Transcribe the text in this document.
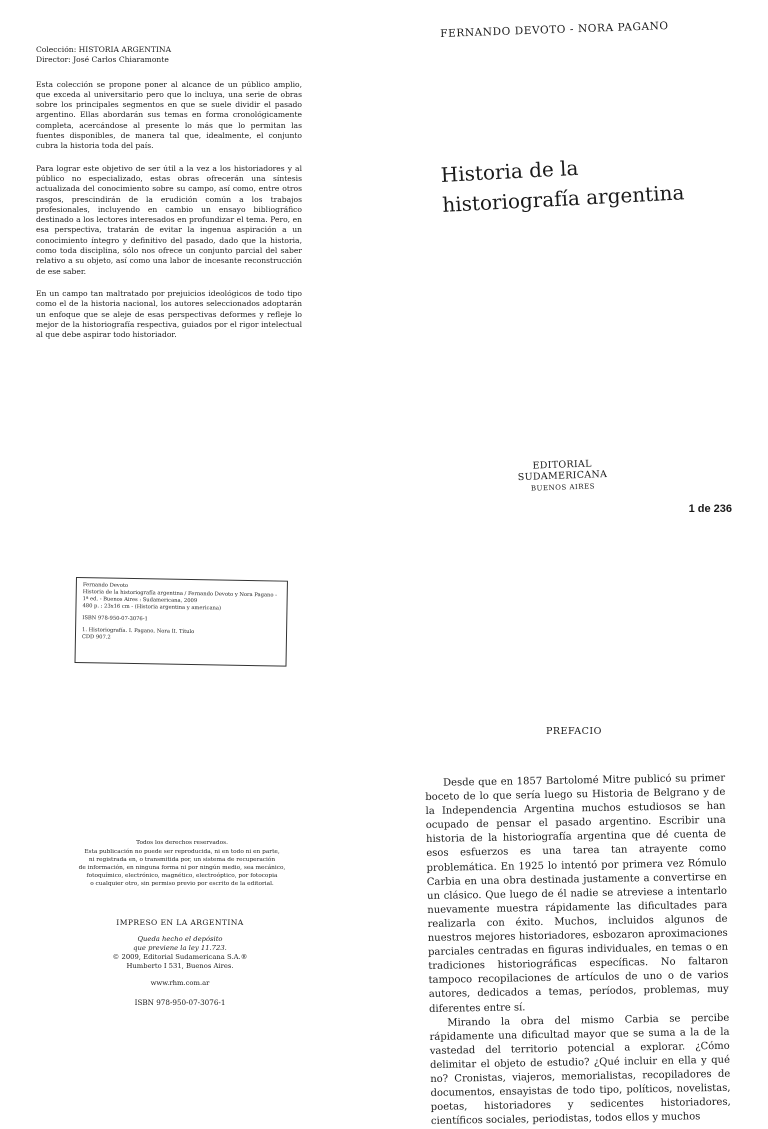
Colección: HISTORIA ARGENTINA
Director: José Carlos Chiaramonte

Esta colección se propone poner al alcance de un público amplio, que exceda al universitario pero que lo incluya, una serie de obras sobre los principales segmentos en que se suele dividir el pasado argentino. Ellas abordarán sus temas en forma cronológicamente completa, acercándose al presente lo más que lo permitan las fuentes disponibles, de manera tal que, idealmente, el conjunto cubra la historia toda del país.

Para lograr este objetivo de ser útil a la vez a los historiadores y al público no especializado, estas obras ofrecerán una síntesis actualizada del conocimiento sobre su campo, así como, entre otros rasgos, prescindirán de la erudición común a los trabajos profesionales, incluyendo en cambio un ensayo bibliográfico destinado a los lectores interesados en profundizar el tema. Pero, en esa perspectiva, tratarán de evitar la ingenua aspiración a un conocimiento íntegro y definitivo del pasado, dado que la historia, como toda disciplina, sólo nos ofrece un conjunto parcial del saber relativo a su objeto, así como una labor de incesante reconstrucción de ese saber.

En un campo tan maltratado por prejuicios ideológicos de todo tipo como el de la historia nacional, los autores seleccionados adoptarán un enfoque que se aleje de esas perspectivas deformes y refleje lo mejor de la historiografía respectiva, guiados por el rigor intelectual al que debe aspirar todo historiador.

FERNANDO DEVOTO - NORA PAGANO
Historia de la
historiografía argentina
EDITORIAL SUDAMERICANA
BUENOS AIRES
1 de 236
Fernando Devoto
Historia de la historiografía argentina / Fernando Devoto y Nora Pagano -
1ª ed. - Buenos Aires : Sudamericana, 2009
480 p. ; 23x16 cm - (Historia argentina y americana)
ISBN 978-950-07-3076-1
1. Historiografía. I. Pagano, Nora II. Título
CDD 907.2
Todos los derechos reservados.
Esta publicación no puede ser reproducida, ni en todo ni en parte,
ni registrada en, o transmitida por, un sistema de recuperación
de información, en ninguna forma ni por ningún medio, sea mecánico,
fotoquímico, electrónico, magnético, electroóptico, por fotocopia
o cualquier otro, sin permiso previo por escrito de la editorial.
IMPRESO EN LA ARGENTINA
Queda hecho el depósito
que previene la ley 11.723.
© 2009, Editorial Sudamericana S.A.®
Humberto I 531, Buenos Aires.
www.rhm.com.ar
ISBN 978-950-07-3076-1
PREFACIO

Desde que en 1857 Bartolomé Mitre publicó su primer boceto de lo que sería luego su Historia de Belgrano y de la Independencia Argentina muchos estudiosos se han ocupado de pensar el pasado argentino. Escribir una historia de la historiografía argentina que dé cuenta de esos esfuerzos es una tarea tan atrayente como problemática. En 1925 lo intentó por primera vez Rómulo Carbia en una obra destinada justamente a convertirse en un clásico. Que luego de él nadie se atreviese a intentarlo nuevamente muestra rápidamente las dificultades para realizarla con éxito. Muchos, incluidos algunos de nuestros mejores historiadores, esbozaron aproximaciones parciales centradas en figuras individuales, en temas o en tradiciones historiográficas específicas. No faltaron tampoco recopilaciones de artículos de uno o de varios autores, dedicados a temas, períodos, problemas, muy diferentes entre sí.

Mirando la obra del mismo Carbia se percibe rápidamente una dificultad mayor que se suma a la de la vastedad del territorio potencial a explorar. ¿Cómo delimitar el objeto de estudio? ¿Qué incluir en ella y qué no? Cronistas, viajeros, memorialistas, recopiladores de documentos, ensayistas de todo tipo, políticos, novelistas, poetas, historiadores y sedicentes historiadores, científicos sociales, periodistas, todos ellos y muchos
